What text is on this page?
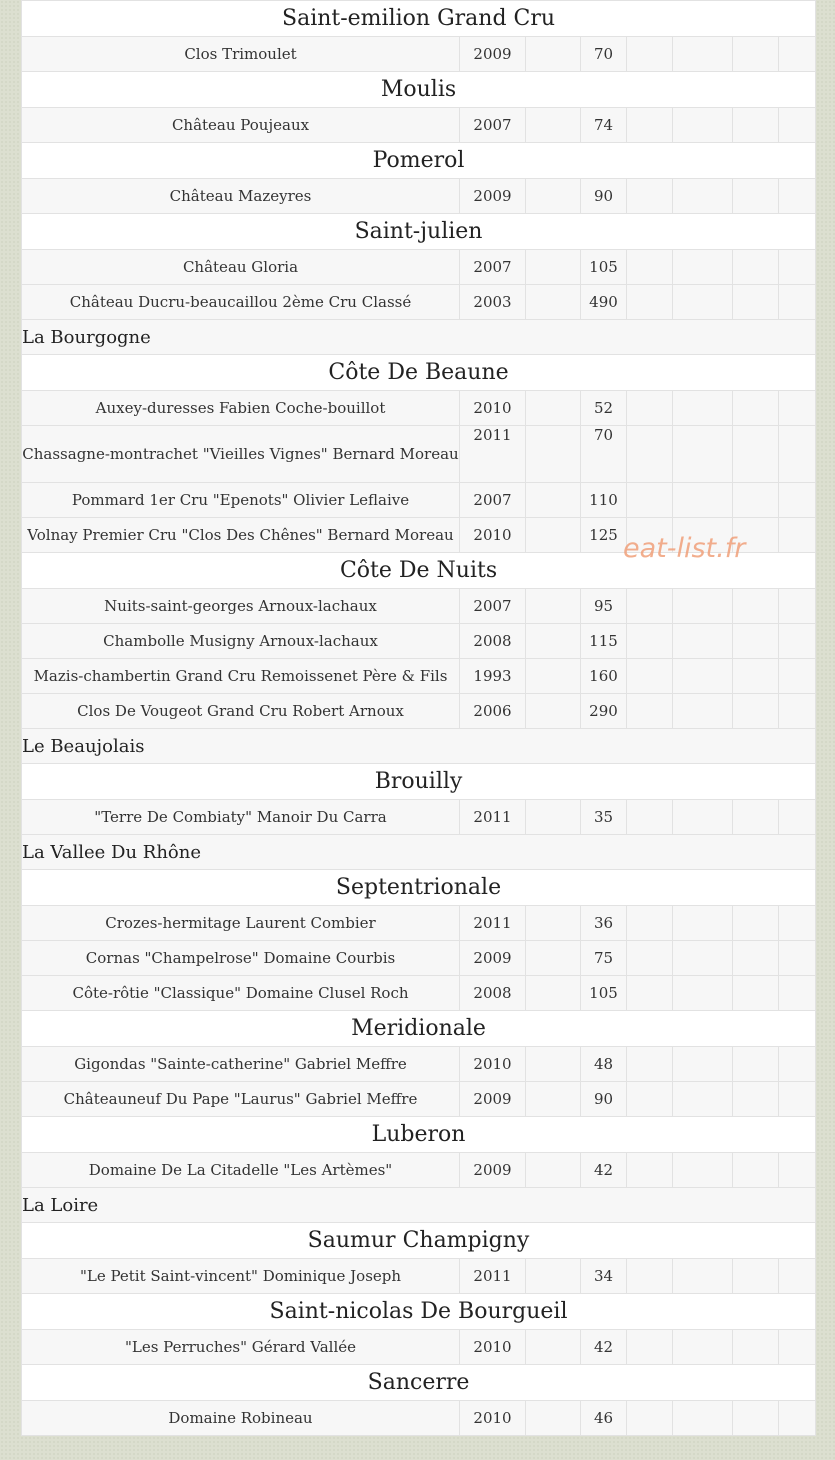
Saint-emilion Grand Cru							
Clos Trimoulet	2009		70				
Moulis							
Château Poujeaux	2007		74				
Pomerol							
Château Mazeyres	2009		90				
Saint-julien							
Château Gloria	2007		105				
Château Ducru-beaucaillou 2ème Cru Classé	2003		490				
La Bourgogne							
Côte De Beaune							
Auxey-duresses Fabien Coche-bouillot	2010		52				
Chassagne-montrachet "Vieilles Vignes" Bernard Moreau	2011		70				
Pommard 1er Cru "Epenots" Olivier Leflaive	2007		110				
Volnay Premier Cru "Clos Des Chênes" Bernard Moreau	2010		125				
Côte De Nuits							
Nuits-saint-georges Arnoux-lachaux	2007		95				
Chambolle Musigny Arnoux-lachaux	2008		115				
Mazis-chambertin Grand Cru Remoissenet Père & Fils	1993		160				
Clos De Vougeot Grand Cru Robert Arnoux	2006		290				
Le Beaujolais							
Brouilly							
"Terre De Combiaty" Manoir Du Carra	2011		35				
La Vallee Du Rhône							
Septentrionale							
Crozes-hermitage Laurent Combier	2011		36				
Cornas "Champelrose" Domaine Courbis	2009		75				
Côte-rôtie "Classique" Domaine Clusel Roch	2008		105				
Meridionale							
Gigondas "Sainte-catherine" Gabriel Meffre	2010		48				
Châteauneuf Du Pape "Laurus" Gabriel Meffre	2009		90				
Luberon							
Domaine De La Citadelle "Les Artèmes"	2009		42				
La Loire							
Saumur Champigny							
"Le Petit Saint-vincent" Dominique Joseph	2011		34				
Saint-nicolas De Bourgueil							
"Les Perruches" Gérard Vallée	2010		42				
Sancerre							
Domaine Robineau	2010		46				
eat-list.fr
